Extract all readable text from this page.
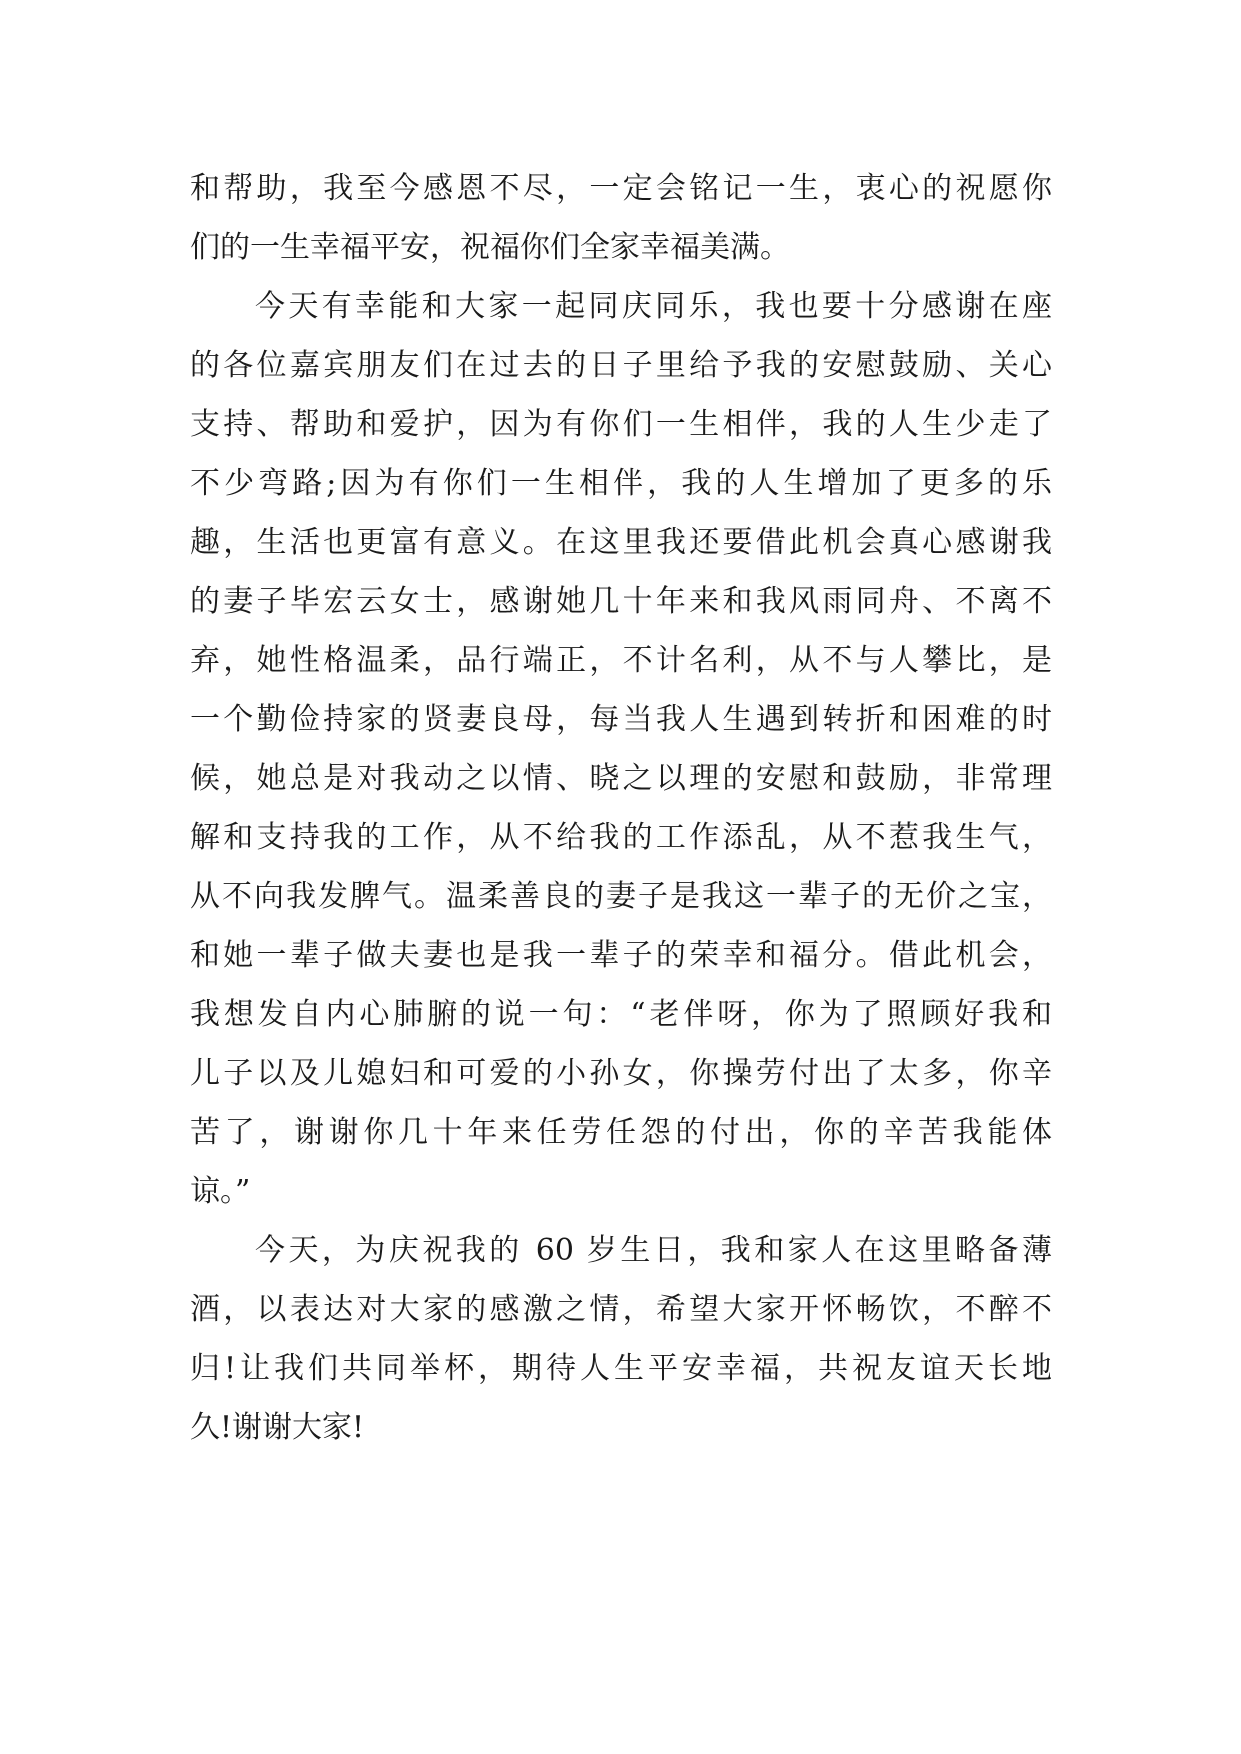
和帮助，我至今感恩不尽，一定会铭记一生，衷心的祝愿你
们的一生幸福平安，祝福你们全家幸福美满。
今天有幸能和大家一起同庆同乐，我也要十分感谢在座
的各位嘉宾朋友们在过去的日子里给予我的安慰鼓励、关心
支持、帮助和爱护，因为有你们一生相伴，我的人生少走了
不少弯路;因为有你们一生相伴，我的人生增加了更多的乐
趣，生活也更富有意义。在这里我还要借此机会真心感谢我
的妻子毕宏云女士，感谢她几十年来和我风雨同舟、不离不
弃，她性格温柔，品行端正，不计名利，从不与人攀比，是
一个勤俭持家的贤妻良母，每当我人生遇到转折和困难的时
候，她总是对我动之以情、晓之以理的安慰和鼓励，非常理
解和支持我的工作，从不给我的工作添乱，从不惹我生气，
从不向我发脾气。温柔善良的妻子是我这一辈子的无价之宝，
和她一辈子做夫妻也是我一辈子的荣幸和福分。借此机会，
我想发自内心肺腑的说一句：“老伴呀，你为了照顾好我和
儿子以及儿媳妇和可爱的小孙女，你操劳付出了太多，你辛
苦了，谢谢你几十年来任劳任怨的付出，你的辛苦我能体
谅。”
今天，为庆祝我的 60 岁生日，我和家人在这里略备薄
酒，以表达对大家的感激之情，希望大家开怀畅饮，不醉不
归!让我们共同举杯，期待人生平安幸福，共祝友谊天长地
久!谢谢大家!
